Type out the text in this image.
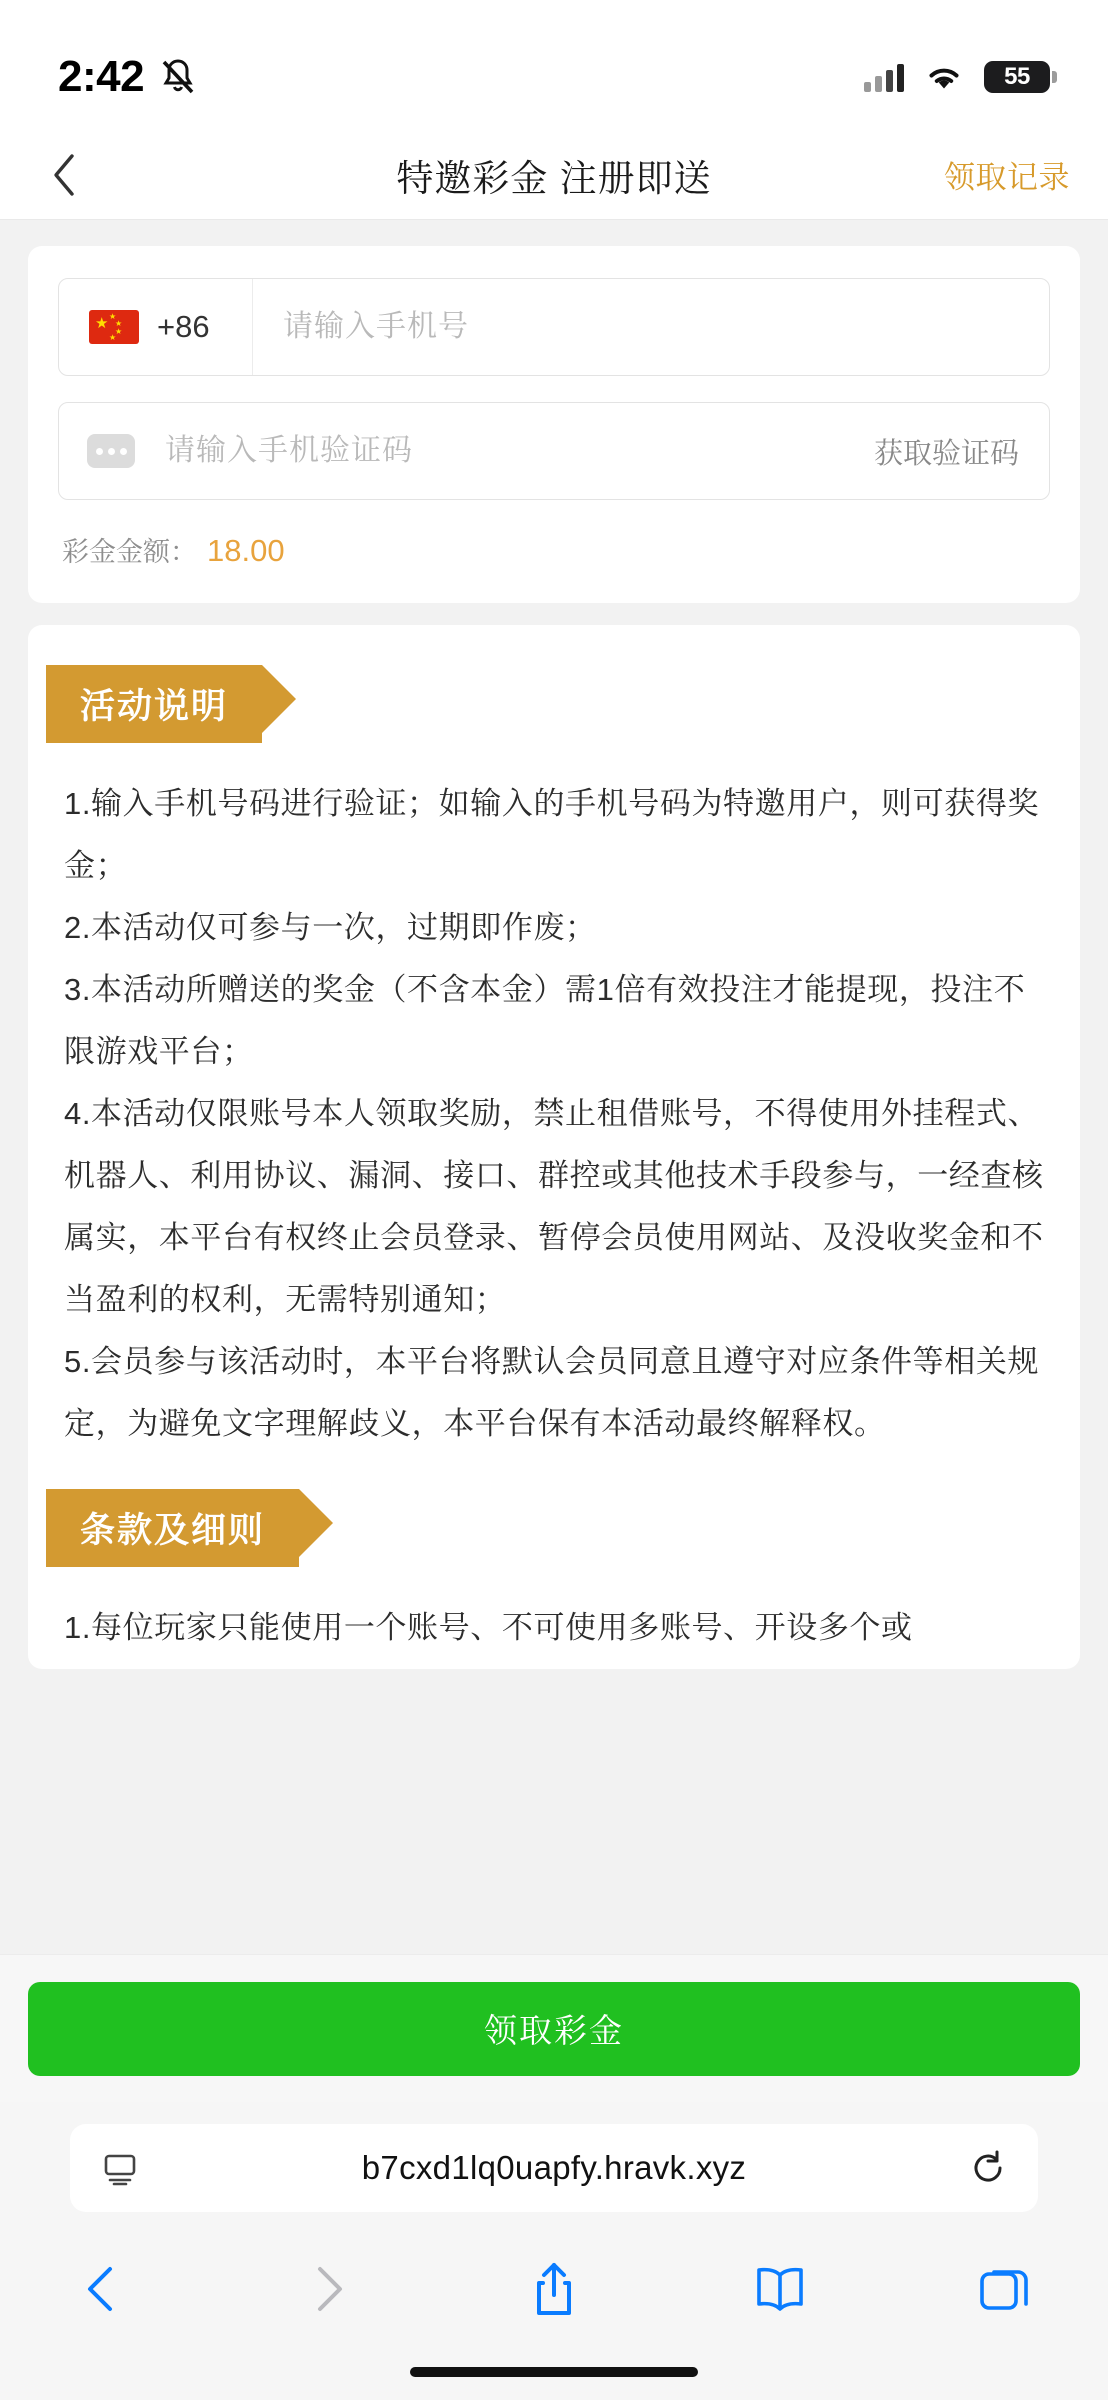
2:42	55
特邀彩金 注册即送	领取记录
★ ★
★
★
★ +86
请输入手机号
请输入手机验证码
获取验证码
彩金金额： 18.00
活动说明

1.输入手机号码进行验证；如输入的手机号码为特邀用户，则可获得奖金；

2.本活动仅可参与一次，过期即作废；

3.本活动所赠送的奖金（不含本金）需1倍有效投注才能提现，投注不限游戏平台；

4.本活动仅限账号本人领取奖励，禁止租借账号，不得使用外挂程式、机器人、利用协议、漏洞、接口、群控或其他技术手段参与，一经查核属实，本平台有权终止会员登录、暂停会员使用网站、及没收奖金和不当盈利的权利，无需特别通知；

5.会员参与该活动时，本平台将默认会员同意且遵守对应条件等相关规定，为避免文字理解歧义，本平台保有本活动最终解释权。

条款及细则

1.每位玩家只能使用一个账号、不可使用多账号、开设多个或

领取彩金
b7cxd1lq0uapfy.hravk.xyz
